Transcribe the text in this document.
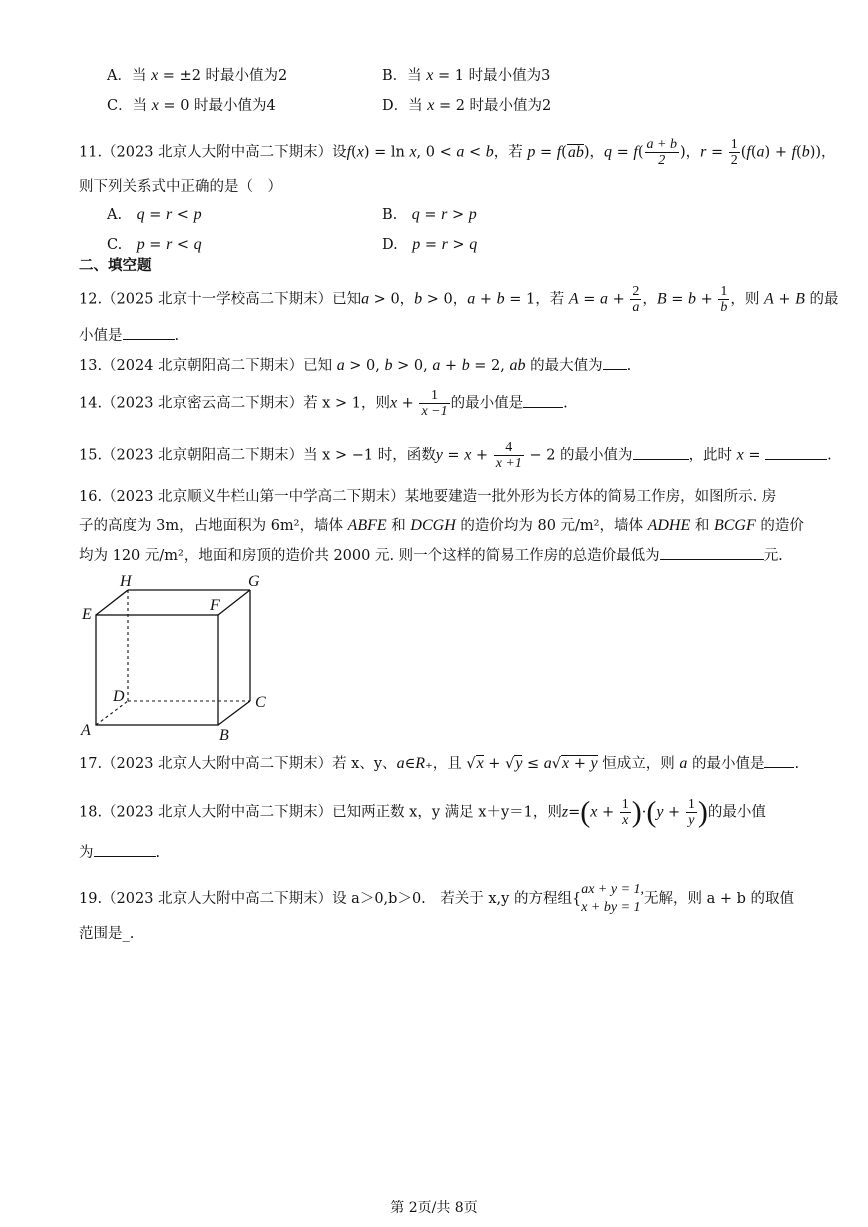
A．当 x = ±2 时最小值为2	B．当 x = 1 时最小值为3
C．当 x = 0 时最小值为4	D．当 x = 2 时最小值为2
11.（2023 北京人大附中高二下期末）设f(x) = ln x, 0 < a < b，若 p = f(ab)，$q = f( \frac{a + b}{2}$ )，$r = \frac{1}{2} (f(a) + f(b))$，
则下列关系式中正确的是（　）
A.　q = r < p	B.　q = r > p
C.　p = r < q	D.　p = r > q
二、填空题
12.（2025 北京十一学校高二下期末）已知a > 0，b > 0，a + b = 1，若 $A = a + \frac{2}{a}$ ，$B = b + \frac{1}{b}$ ，则 A + B 的最
小值是	.
13.（2024 北京朝阳高二下期末）已知 a > 0, b > 0, a + b = 2, ab 的最大值为 .
14.（2023 北京密云高二下期末）若 x > 1，则$x + \frac{1}{x -1}$ 的最小值是	.
15.（2023 北京朝阳高二下期末）当 x > −1 时，函数$y = x + \frac{4}{x +1} - 2$ 的最小值为	，此时 x =	.
16.（2023 北京顺义牛栏山第一中学高二下期末）某地要建造一批外形为长方体的简易工作房，如图所示. 房
子的高度为 3m，占地面积为 6m²，墙体 ABFE 和 DCGH 的造价均为 80 元/m²，墙体 ADHE 和 BCGF 的造价
均为 120 元/m²，地面和房顶的造价共 2000 元. 则一个这样的简易工作房的总造价最低为	元.
H	G
E
F
D	C
A	B
17.（2023 北京人大附中高二下期末）若 x、y、a∈R₊，且 √x + √y ≤ a√x + y 恒成立，则 a 的最小值是 .
18.（2023 北京人大附中高二下期末）已知两正数 x，y 满足 x＋y＝1，则$z=(x + \frac{1}{x} )\cdot(y + \frac{1}{y}$ )的最小值
为	.
19.（2023 北京人大附中高二下期末）设 a＞0,b＞0.　若关于 x,y 的方程组{
ax + y = 1,
x + by = 1
无解，则 a + b 的取值
范围是_.
第 2页/共 8页
